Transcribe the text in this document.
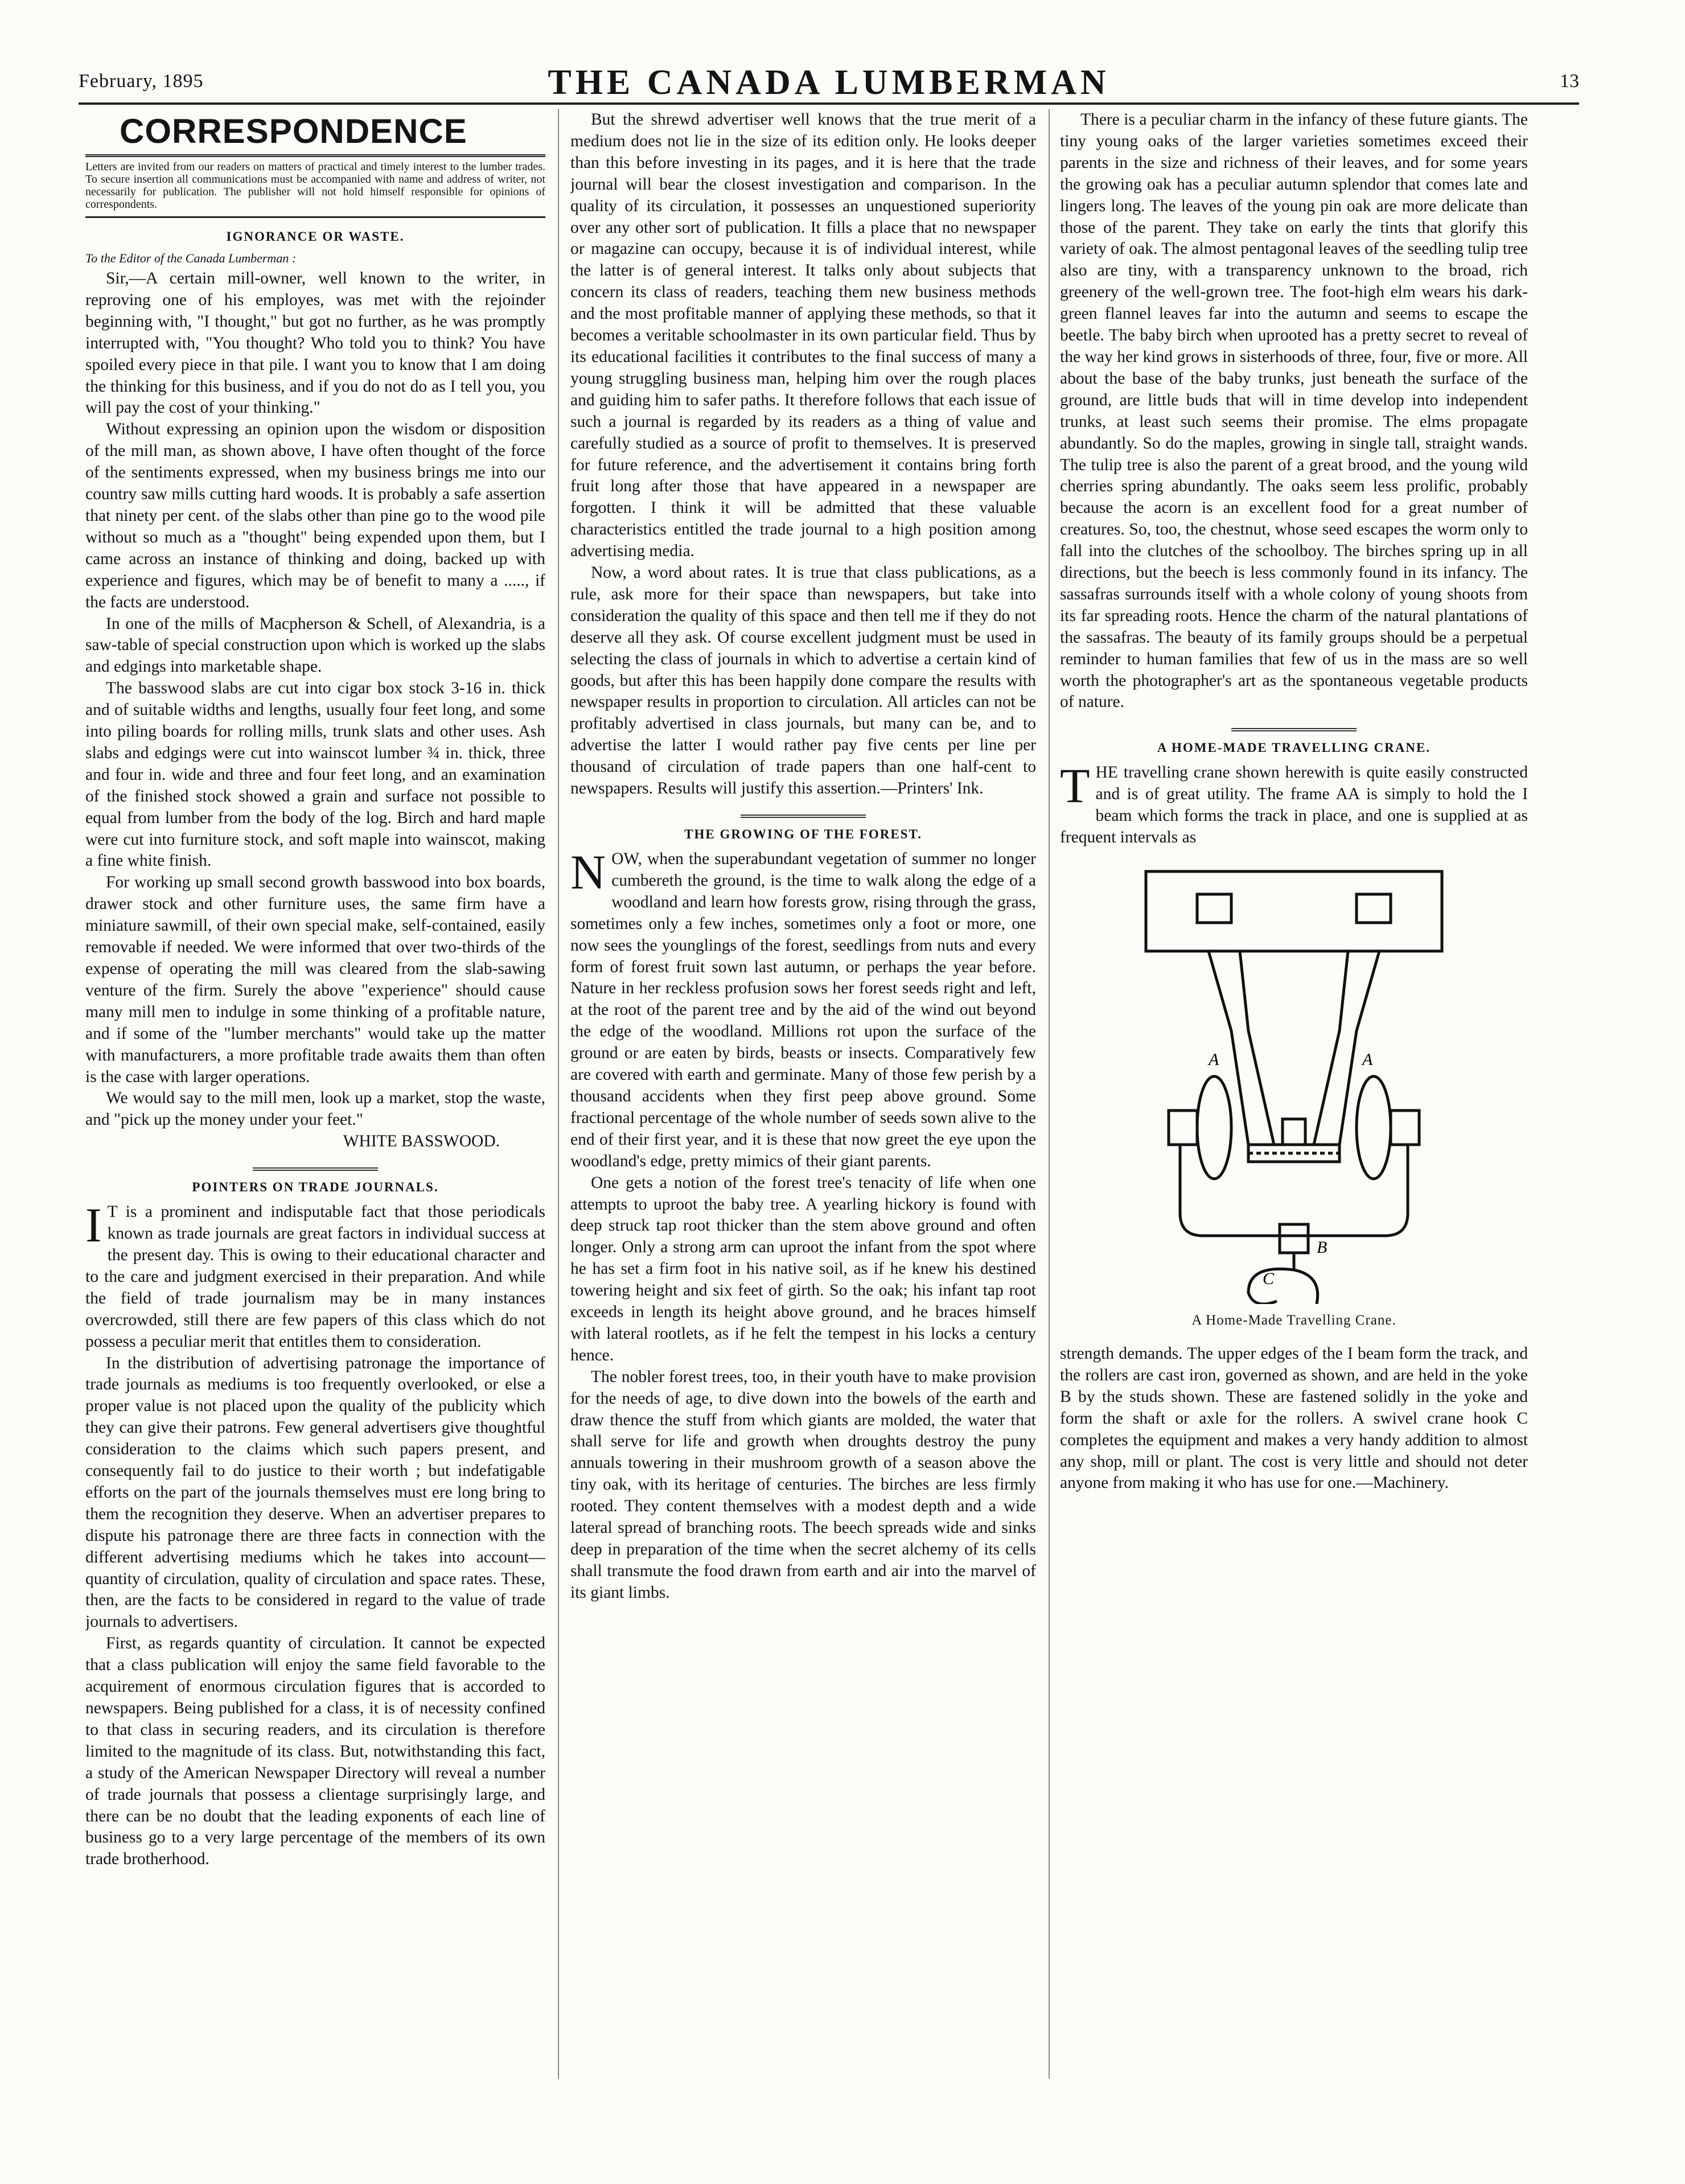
February, 1895	THE CANADA LUMBERMAN	13
CORRESPONDENCE

Letters are invited from our readers on matters of practical and timely interest to the lumber trades. To secure insertion all communications must be accompanied with name and address of writer, not necessarily for publication. The publisher will not hold himself responsible for opinions of correspondents.

IGNORANCE OR WASTE.
To the Editor of the Canada Lumberman :

Sir,—A certain mill-owner, well known to the writer, in reproving one of his employes, was met with the rejoinder beginning with, "I thought," but got no further, as he was promptly interrupted with, "You thought? Who told you to think? You have spoiled every piece in that pile. I want you to know that I am doing the thinking for this business, and if you do not do as I tell you, you will pay the cost of your thinking."

Without expressing an opinion upon the wisdom or disposition of the mill man, as shown above, I have often thought of the force of the sentiments expressed, when my business brings me into our country saw mills cutting hard woods. It is probably a safe assertion that ninety per cent. of the slabs other than pine go to the wood pile without so much as a "thought" being expended upon them, but I came across an instance of thinking and doing, backed up with experience and figures, which may be of benefit to many a ....., if the facts are understood.

In one of the mills of Macpherson & Schell, of Alexandria, is a saw-table of special construction upon which is worked up the slabs and edgings into marketable shape.

The basswood slabs are cut into cigar box stock 3-16 in. thick and of suitable widths and lengths, usually four feet long, and some into piling boards for rolling mills, trunk slats and other uses. Ash slabs and edgings were cut into wainscot lumber ¾ in. thick, three and four in. wide and three and four feet long, and an examination of the finished stock showed a grain and surface not possible to equal from lumber from the body of the log. Birch and hard maple were cut into furniture stock, and soft maple into wainscot, making a fine white finish.

For working up small second growth basswood into box boards, drawer stock and other furniture uses, the same firm have a miniature sawmill, of their own special make, self-contained, easily removable if needed. We were informed that over two-thirds of the expense of operating the mill was cleared from the slab-sawing venture of the firm. Surely the above "experience" should cause many mill men to indulge in some thinking of a profitable nature, and if some of the "lumber merchants" would take up the matter with manufacturers, a more profitable trade awaits them than often is the case with larger operations.

We would say to the mill men, look up a market, stop the waste, and "pick up the money under your feet."

WHITE BASSWOOD.

POINTERS ON TRADE JOURNALS.

I T is a prominent and indisputable fact that those periodicals known as trade journals are great factors in individual success at the present day. This is owing to their educational character and to the care and judgment exercised in their preparation. And while the field of trade journalism may be in many instances overcrowded, still there are few papers of this class which do not possess a peculiar merit that entitles them to consideration.

In the distribution of advertising patronage the importance of trade journals as mediums is too frequently overlooked, or else a proper value is not placed upon the quality of the publicity which they can give their patrons. Few general advertisers give thoughtful consideration to the claims which such papers present, and consequently fail to do justice to their worth ; but indefatigable efforts on the part of the journals themselves must ere long bring to them the recognition they deserve. When an advertiser prepares to dispute his patronage there are three facts in connection with the different advertising mediums which he takes into account—quantity of circulation, quality of circulation and space rates. These, then, are the facts to be considered in regard to the value of trade journals to advertisers.

First, as regards quantity of circulation. It cannot be expected that a class publication will enjoy the same field favorable to the acquirement of enormous circulation figures that is accorded to newspapers. Being published for a class, it is of necessity confined to that class in securing readers, and its circulation is therefore limited to the magnitude of its class. But, notwithstanding this fact, a study of the American Newspaper Directory will reveal a number of trade journals that possess a clientage surprisingly large, and there can be no doubt that the leading exponents of each line of business go to a very large percentage of the members of its own trade brotherhood.

But the shrewd advertiser well knows that the true merit of a medium does not lie in the size of its edition only. He looks deeper than this before investing in its pages, and it is here that the trade journal will bear the closest investigation and comparison. In the quality of its circulation, it possesses an unquestioned superiority over any other sort of publication. It fills a place that no newspaper or magazine can occupy, because it is of individual interest, while the latter is of general interest. It talks only about subjects that concern its class of readers, teaching them new business methods and the most profitable manner of applying these methods, so that it becomes a veritable schoolmaster in its own particular field. Thus by its educational facilities it contributes to the final success of many a young struggling business man, helping him over the rough places and guiding him to safer paths. It therefore follows that each issue of such a journal is regarded by its readers as a thing of value and carefully studied as a source of profit to themselves. It is preserved for future reference, and the advertisement it contains bring forth fruit long after those that have appeared in a newspaper are forgotten. I think it will be admitted that these valuable characteristics entitled the trade journal to a high position among advertising media.

Now, a word about rates. It is true that class publications, as a rule, ask more for their space than newspapers, but take into consideration the quality of this space and then tell me if they do not deserve all they ask. Of course excellent judgment must be used in selecting the class of journals in which to advertise a certain kind of goods, but after this has been happily done compare the results with newspaper results in proportion to circulation. All articles can not be profitably advertised in class journals, but many can be, and to advertise the latter I would rather pay five cents per line per thousand of circulation of trade papers than one half-cent to newspapers. Results will justify this assertion.—Printers' Ink.

THE GROWING OF THE FOREST.

NOW, when the superabundant vegetation of summer no longer cumbereth the ground, is the time to walk along the edge of a woodland and learn how forests grow, rising through the grass, sometimes only a few inches, sometimes only a foot or more, one now sees the younglings of the forest, seedlings from nuts and every form of forest fruit sown last autumn, or perhaps the year before. Nature in her reckless profusion sows her forest seeds right and left, at the root of the parent tree and by the aid of the wind out beyond the edge of the woodland. Millions rot upon the surface of the ground or are eaten by birds, beasts or insects. Comparatively few are covered with earth and germinate. Many of those few perish by a thousand accidents when they first peep above ground. Some fractional percentage of the whole number of seeds sown alive to the end of their first year, and it is these that now greet the eye upon the woodland's edge, pretty mimics of their giant parents.

One gets a notion of the forest tree's tenacity of life when one attempts to uproot the baby tree. A yearling hickory is found with deep struck tap root thicker than the stem above ground and often longer. Only a strong arm can uproot the infant from the spot where he has set a firm foot in his native soil, as if he knew his destined towering height and six feet of girth. So the oak; his infant tap root exceeds in length its height above ground, and he braces himself with lateral rootlets, as if he felt the tempest in his locks a century hence.

The nobler forest trees, too, in their youth have to make provision for the needs of age, to dive down into the bowels of the earth and draw thence the stuff from which giants are molded, the water that shall serve for life and growth when droughts destroy the puny annuals towering in their mushroom growth of a season above the tiny oak, with its heritage of centuries. The birches are less firmly rooted. They content themselves with a modest depth and a wide lateral spread of branching roots. The beech spreads wide and sinks deep in preparation of the time when the secret alchemy of its cells shall transmute the food drawn from earth and air into the marvel of its giant limbs.

There is a peculiar charm in the infancy of these future giants. The tiny young oaks of the larger varieties sometimes exceed their parents in the size and richness of their leaves, and for some years the growing oak has a peculiar autumn splendor that comes late and lingers long. The leaves of the young pin oak are more delicate than those of the parent. They take on early the tints that glorify this variety of oak. The almost pentagonal leaves of the seedling tulip tree also are tiny, with a transparency unknown to the broad, rich greenery of the well-grown tree. The foot-high elm wears his dark-green flannel leaves far into the autumn and seems to escape the beetle. The baby birch when uprooted has a pretty secret to reveal of the way her kind grows in sisterhoods of three, four, five or more. All about the base of the baby trunks, just beneath the surface of the ground, are little buds that will in time develop into independent trunks, at least such seems their promise. The elms propagate abundantly. So do the maples, growing in single tall, straight wands. The tulip tree is also the parent of a great brood, and the young wild cherries spring abundantly. The oaks seem less prolific, probably because the acorn is an excellent food for a great number of creatures. So, too, the chestnut, whose seed escapes the worm only to fall into the clutches of the schoolboy. The birches spring up in all directions, but the beech is less commonly found in its infancy. The sassafras surrounds itself with a whole colony of young shoots from its far spreading roots. Hence the charm of the natural plantations of the sassafras. The beauty of its family groups should be a perpetual reminder to human families that few of us in the mass are so well worth the photographer's art as the spontaneous vegetable products of nature.

A HOME-MADE TRAVELLING CRANE.

THE travelling crane shown herewith is quite easily constructed and is of great utility. The frame AA is simply to hold the I beam which forms the track in place, and one is supplied at as frequent intervals as

A	A
B
C
A Home-Made Travelling Crane.

strength demands. The upper edges of the I beam form the track, and the rollers are cast iron, governed as shown, and are held in the yoke B by the studs shown. These are fastened solidly in the yoke and form the shaft or axle for the rollers. A swivel crane hook C completes the equipment and makes a very handy addition to almost any shop, mill or plant. The cost is very little and should not deter anyone from making it who has use for one.—Machinery.
